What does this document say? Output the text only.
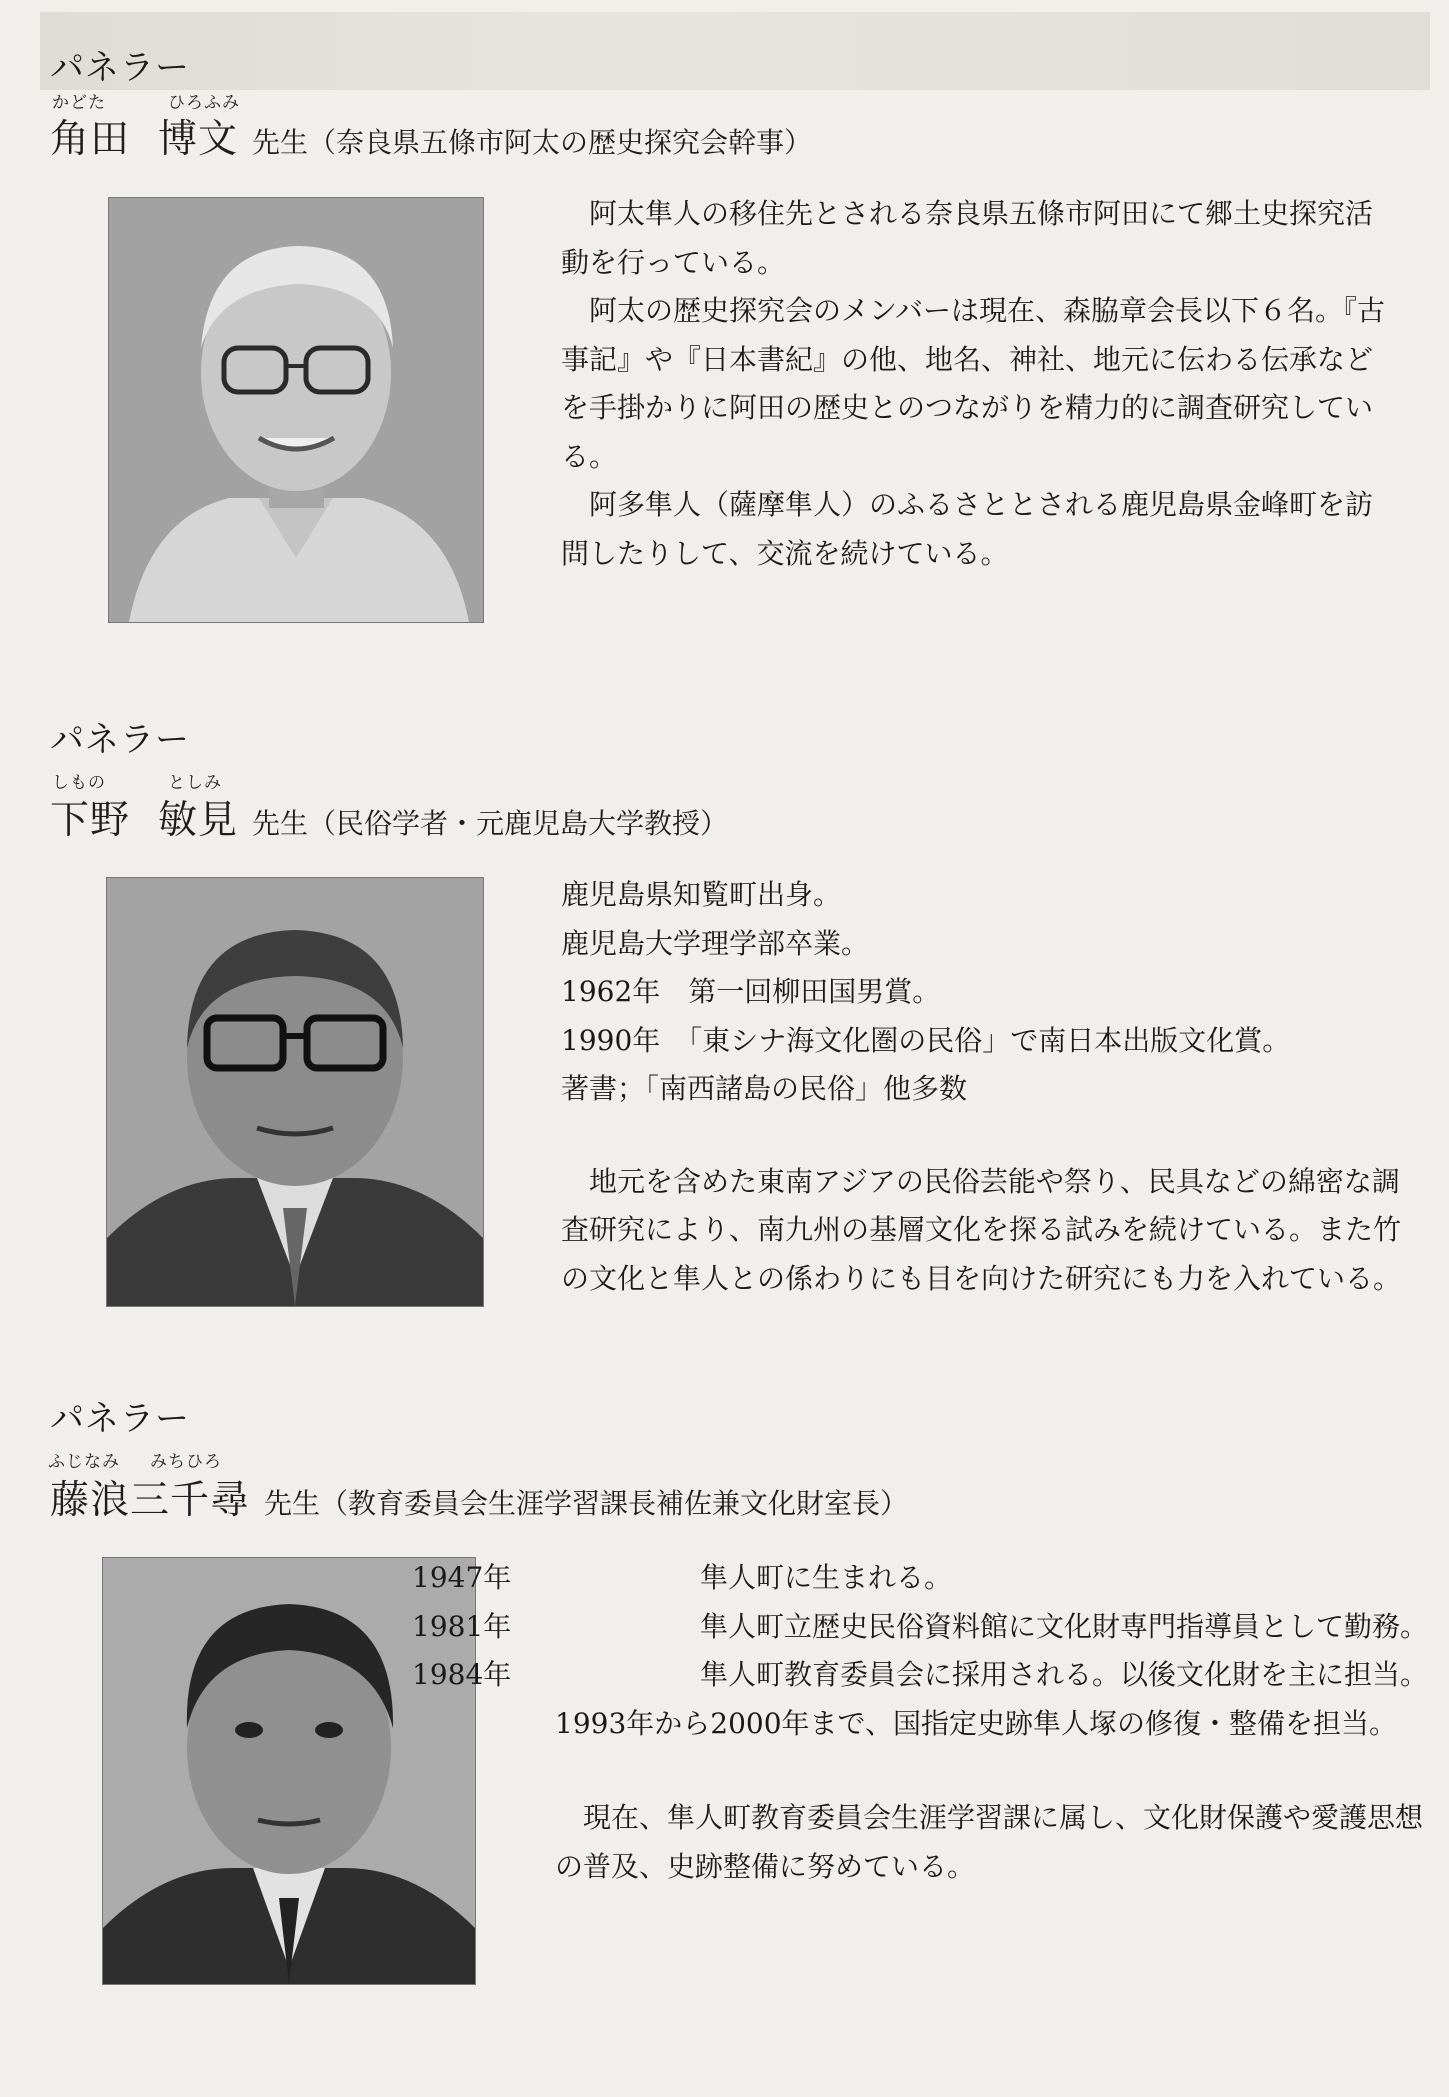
パネラー
かどた	ひろふみ
角田 博文 先生（奈良県五條市阿太の歴史探究会幹事）

阿太隼人の移住先とされる奈良県五條市阿田にて郷土史探究活動を行っている。

阿太の歴史探究会のメンバーは現在、森脇章会長以下６名。『古事記』や『日本書紀』の他、地名、神社、地元に伝わる伝承などを手掛かりに阿田の歴史とのつながりを精力的に調査研究している。

阿多隼人（薩摩隼人）のふるさととされる鹿児島県金峰町を訪問したりして、交流を続けている。

パネラー
しもの	としみ
下野 敏見 先生（民俗学者・元鹿児島大学教授）

鹿児島県知覧町出身。

鹿児島大学理学部卒業。

1962年　第一回柳田国男賞。

1990年　「東シナ海文化圏の民俗」で南日本出版文化賞。

著書；「南西諸島の民俗」他多数

地元を含めた東南アジアの民俗芸能や祭り、民具などの綿密な調査研究により、南九州の基層文化を探る試みを続けている。また竹の文化と隼人との係わりにも目を向けた研究にも力を入れている。

パネラー
ふじなみ みちひろ
藤浪三千尋 先生（教育委員会生涯学習課長補佐兼文化財室長）

1947年	隼人町に生まれる。

1981年	隼人町立歴史民俗資料館に文化財専門指導員として勤務。

1984年	隼人町教育委員会に採用される。以後文化財を主に担当。

1993年から2000年まで、国指定史跡隼人塚の修復・整備を担当。

現在、隼人町教育委員会生涯学習課に属し、文化財保護や愛護思想の普及、史跡整備に努めている。
